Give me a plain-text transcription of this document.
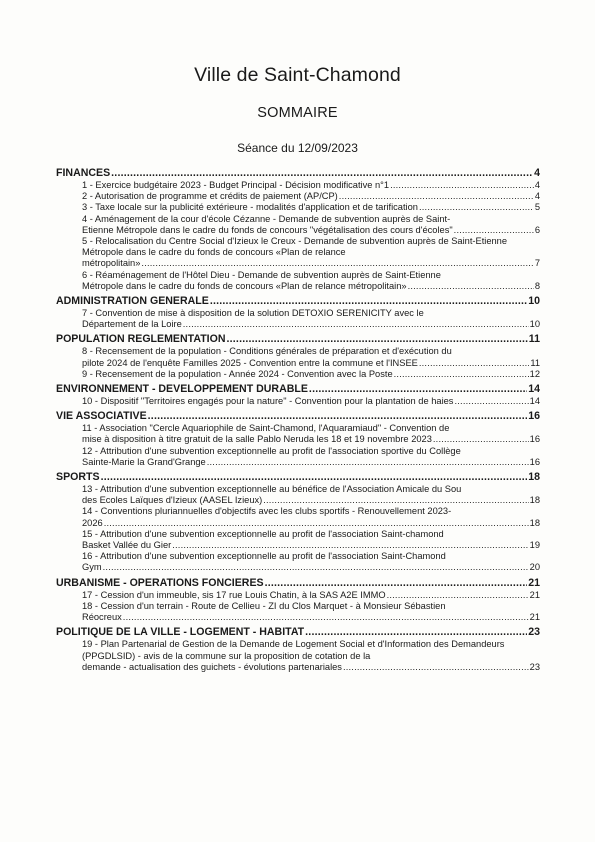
Ville de Saint-Chamond
SOMMAIRE
Séance du 12/09/2023
FINANCES .....	4
1 - Exercice budgétaire 2023 - Budget Principal - Décision modificative n°1 .....	4
2 - Autorisation de programme et crédits de paiement (AP/CP) .....	4
3 - Taxe locale sur la publicité extérieure - modalités d'application et de tarification .....	5
4 - Aménagement de la cour d'école Cézanne - Demande de subvention auprès de Saint-
Etienne Métropole dans le cadre du fonds de concours "végétalisation des cours d'écoles" .....	6
5 - Relocalisation du Centre Social d'Izieux le Creux - Demande de subvention auprès de Saint-Etienne Métropole dans le cadre du fonds de concours «Plan de relance
métropolitain» .....	7
6 - Réaménagement de l'Hôtel Dieu - Demande de subvention auprès de Saint-Etienne
Métropole dans le cadre du fonds de concours «Plan de relance métropolitain» .....	8
ADMINISTRATION GENERALE .....	10
7 - Convention de mise à disposition de la solution DETOXIO SERENICITY avec le
Département de la Loire .....	10
POPULATION REGLEMENTATION .....	11
8 - Recensement de la population - Conditions générales de préparation et d'exécution du
pilote 2024 de l'enquête Familles 2025 - Convention entre la commune et l'INSEE .....	11
9 - Recensement de la population - Année 2024 - Convention avec la Poste .....	12
ENVIRONNEMENT - DEVELOPPEMENT DURABLE .....	14
10 - Dispositif "Territoires engagés pour la nature" - Convention pour la plantation de haies .....	14
VIE ASSOCIATIVE .....	16
11 - Association "Cercle Aquariophile de Saint-Chamond, l'Aquaramiaud" - Convention de
mise à disposition à titre gratuit de la salle Pablo Neruda les 18 et 19 novembre 2023 .....	16
12 - Attribution d'une subvention exceptionnelle au profit de l'association sportive du Collège
Sainte-Marie la Grand'Grange .....	16
SPORTS .....	18
13 - Attribution d'une subvention exceptionnelle au bénéfice de l'Association Amicale du Sou
des Ecoles Laïques d'Izieux (AASEL Izieux) .....	18
14 - Conventions pluriannuelles d'objectifs avec les clubs sportifs - Renouvellement 2023-
2026 .....	18
15 - Attribution d'une subvention exceptionnelle au profit de l'association Saint-chamond
Basket Vallée du Gier .....	19
16 - Attribution d'une subvention exceptionnelle au profit de l'association Saint-Chamond
Gym .....	20
URBANISME - OPERATIONS FONCIERES .....	21
17 - Cession d'un immeuble, sis 17 rue Louis Chatin, à la SAS A2E IMMO .....	21
18 - Cession d'un terrain - Route de Cellieu - ZI du Clos Marquet - à Monsieur Sébastien
Réocreux .....	21
POLITIQUE DE LA VILLE - LOGEMENT - HABITAT .....	23
19 - Plan Partenarial de Gestion de la Demande de Logement Social et d'Information des Demandeurs (PPGDLSID) - avis de la commune sur la proposition de cotation de la
demande - actualisation des guichets - évolutions partenariales .....	23
